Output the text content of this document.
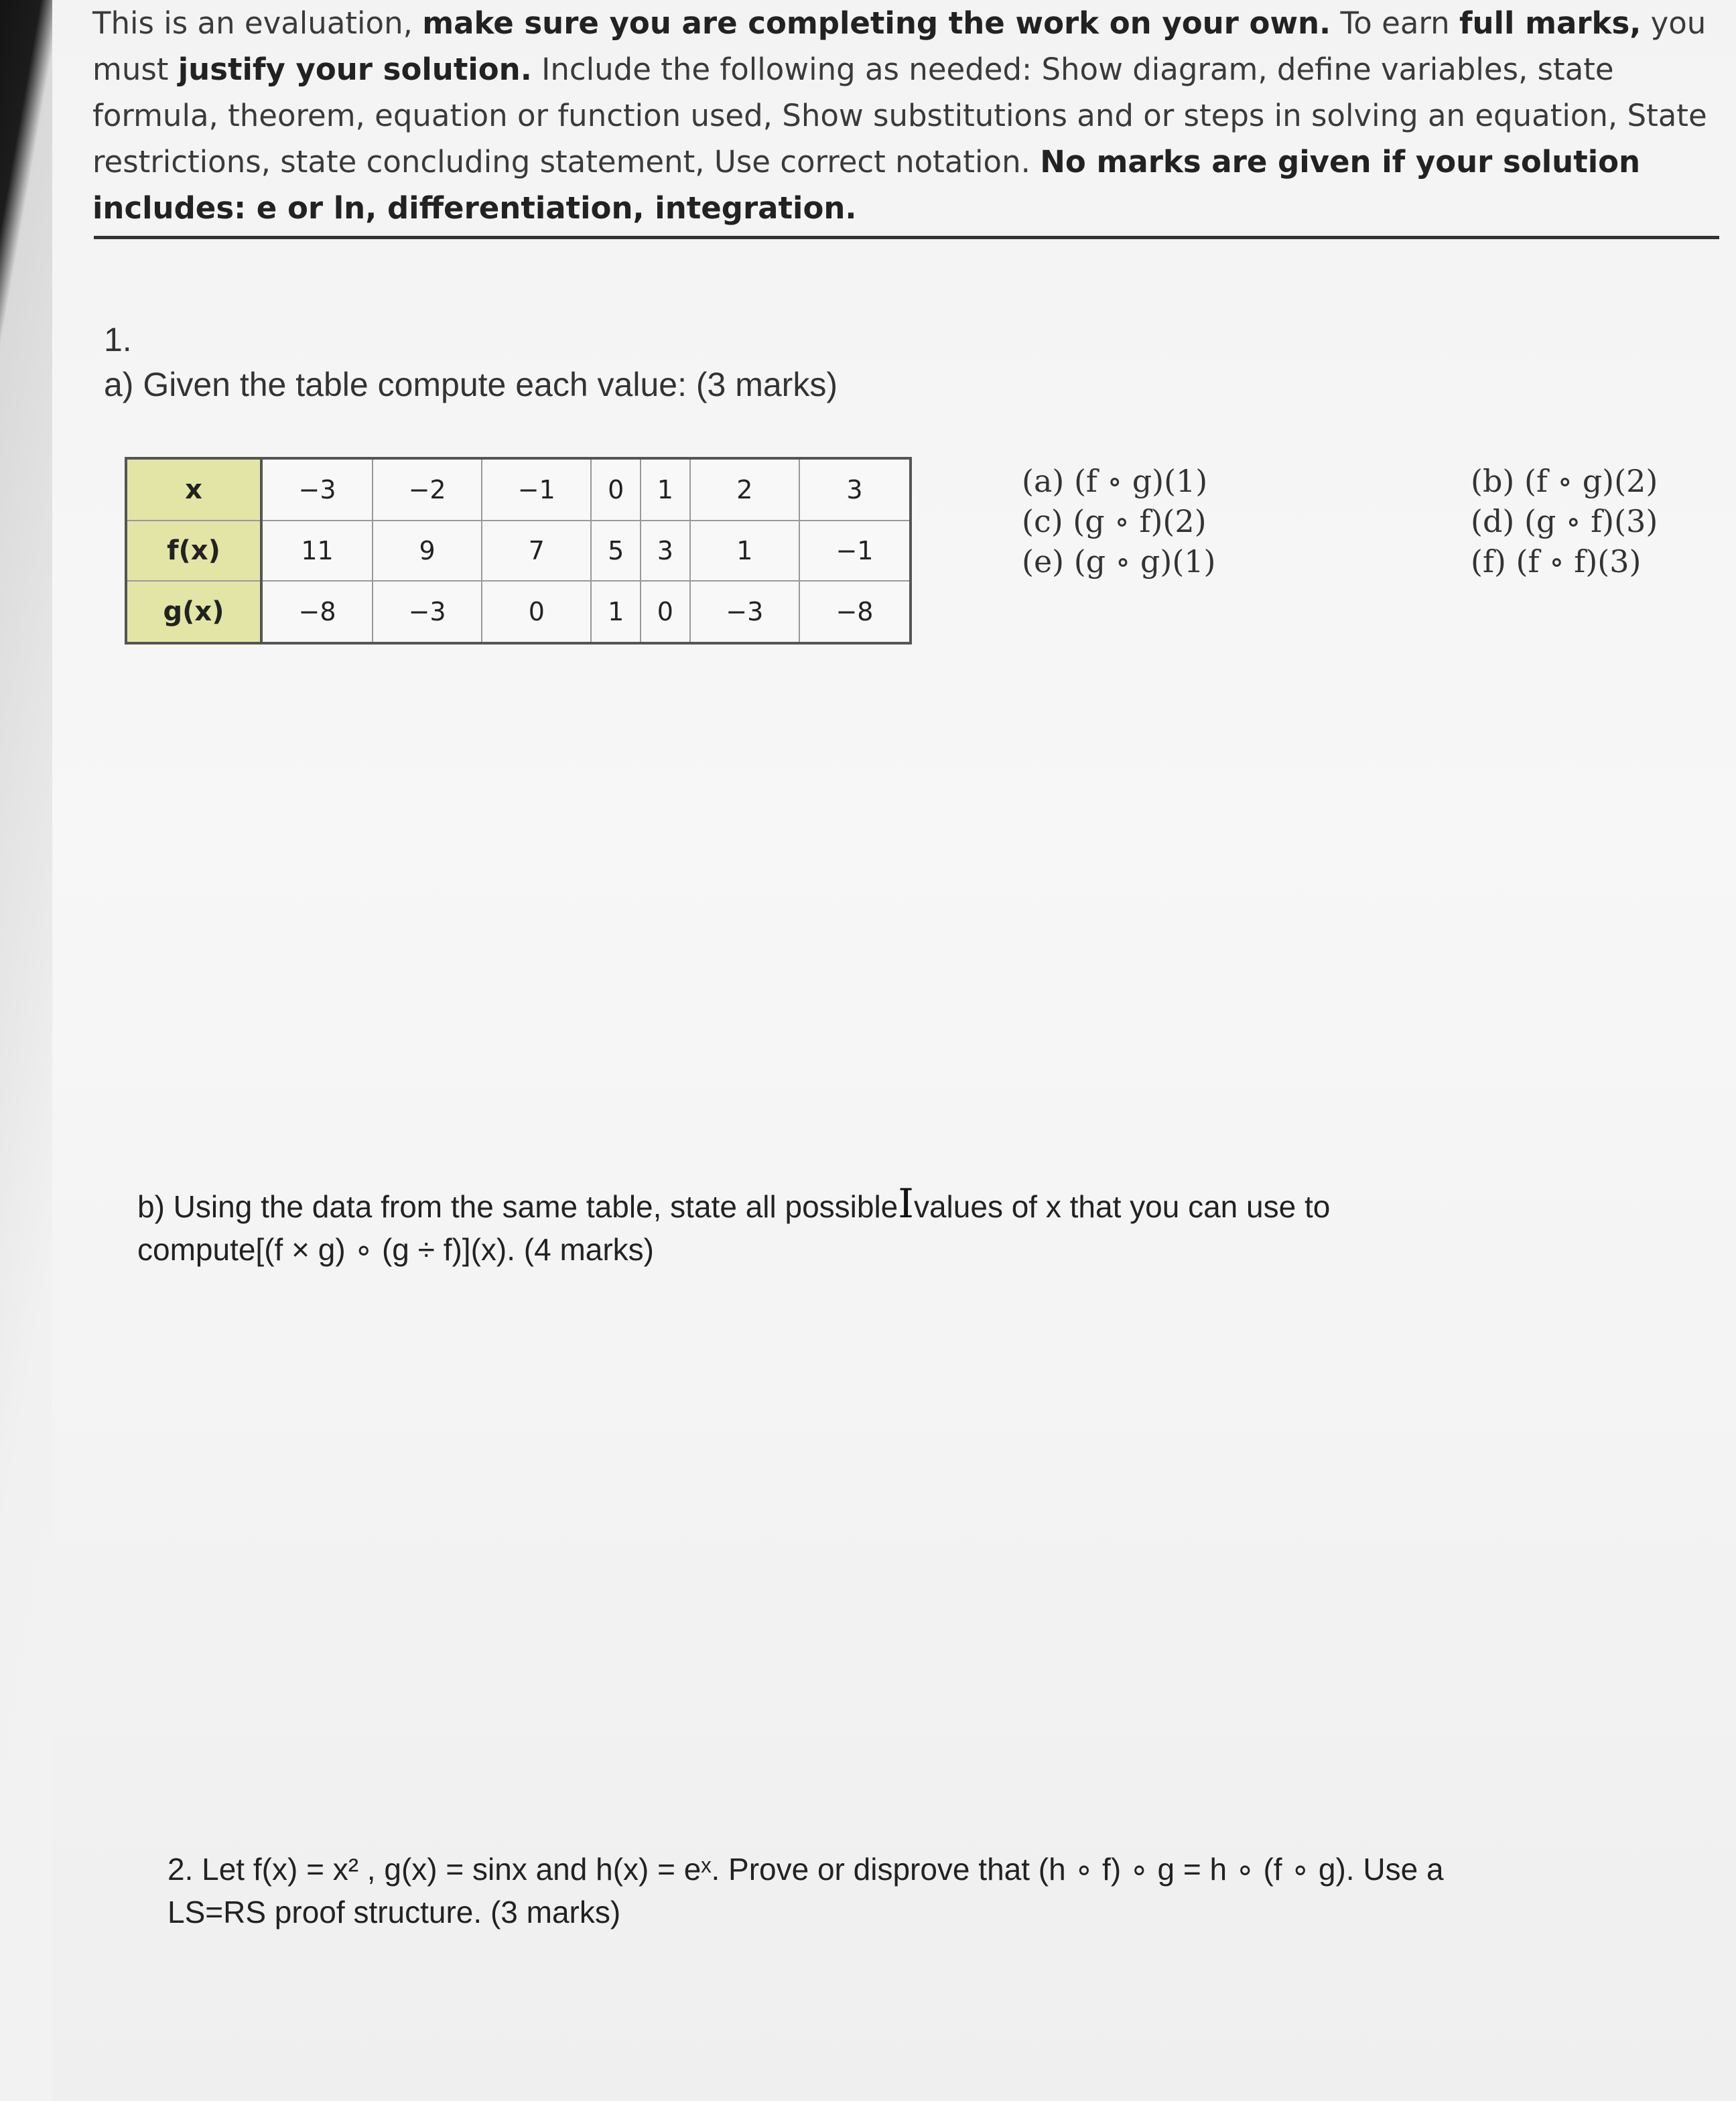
This is an evaluation, make sure you are completing the work on your own. To earn full marks, you must justify your solution. Include the following as needed: Show diagram, define variables, state formula, theorem, equation or function used, Show substitutions and or steps in solving an equation, State restrictions, state concluding statement, Use correct notation. No marks are given if your solution includes: e or ln, differentiation, integration.
1.
a) Given the table compute each value: (3 marks)
x	−3	−2	−1	0	1	2	3
f(x)	11	9	7	5	3	1	−1
g(x)	−8	−3	0	1	0	−3	−8
(a) (f ∘ g)(1)
(c) (g ∘ f)(2)
(e) (g ∘ g)(1)
(b) (f ∘ g)(2)
(d) (g ∘ f)(3)
(f) (f ∘ f)(3)
b) Using the data from the same table, state all possibleIvalues of x that you can use to
compute[(f × g) ∘ (g ÷ f)](x). (4 marks)
2. Let f(x) = x² , g(x) = sinx and h(x) = eˣ. Prove or disprove that (h ∘ f) ∘ g = h ∘ (f ∘ g). Use a
LS=RS proof structure. (3 marks)
